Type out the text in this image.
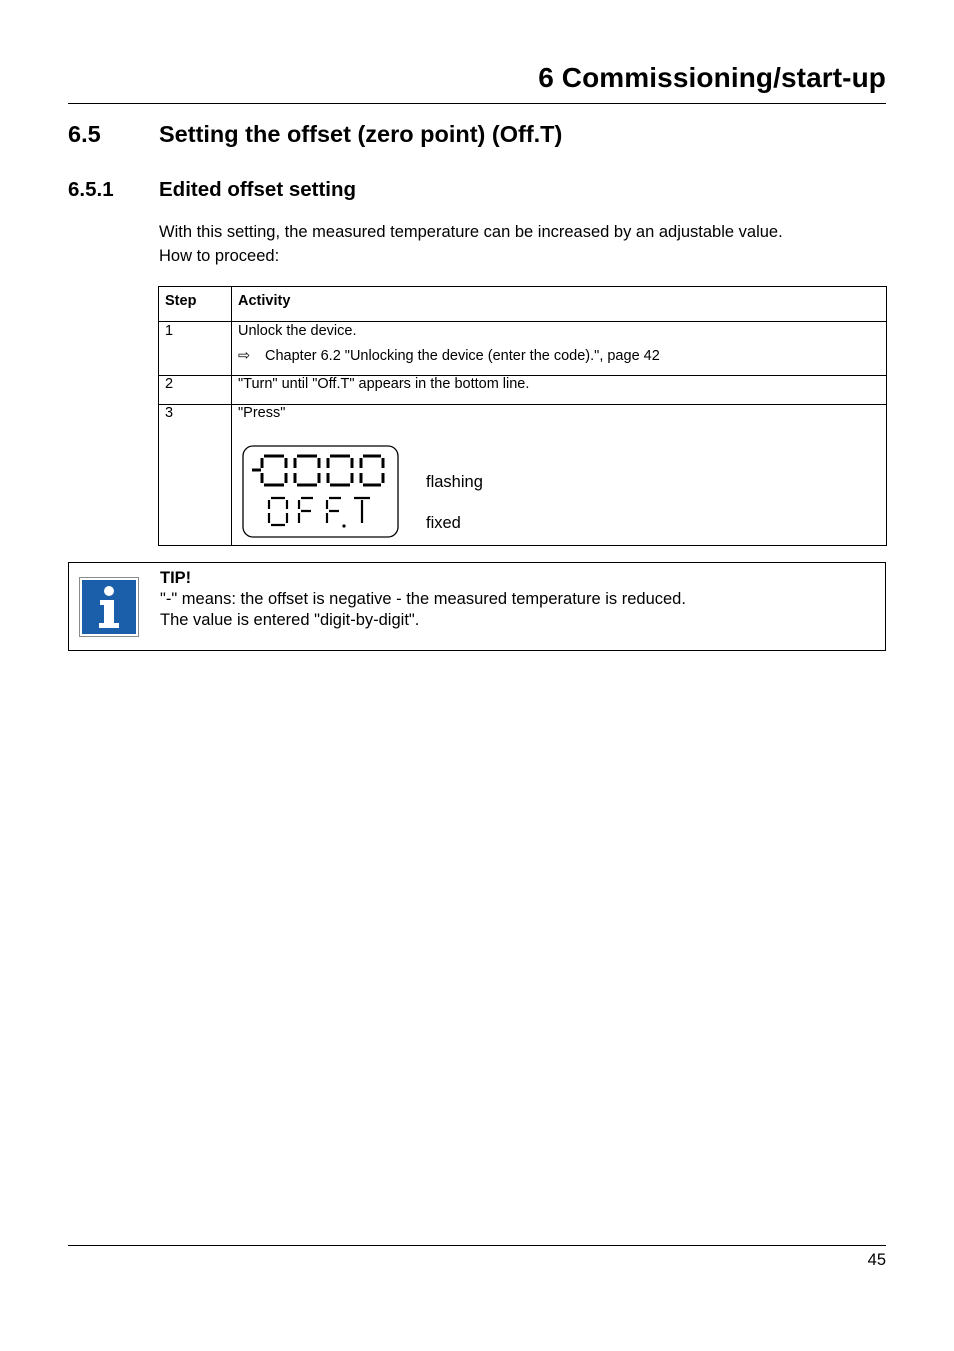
6 Commissioning/start-up
6.5 Setting the offset (zero point) (Off.T)
6.5.1 Edited offset setting

With this setting, the measured temperature can be increased by an adjustable value.

How to proceed:

Step	Activity
1	Unlock the device.
⇨ Chapter 6.2 "Unlocking the device (enter the code).", page 42

2	"Turn" until "Off.T" appears in the bottom line.
3	"Press"
flashing
fixed
TIP!
"-" means: the offset is negative - the measured temperature is reduced.
The value is entered "digit-by-digit".
45
